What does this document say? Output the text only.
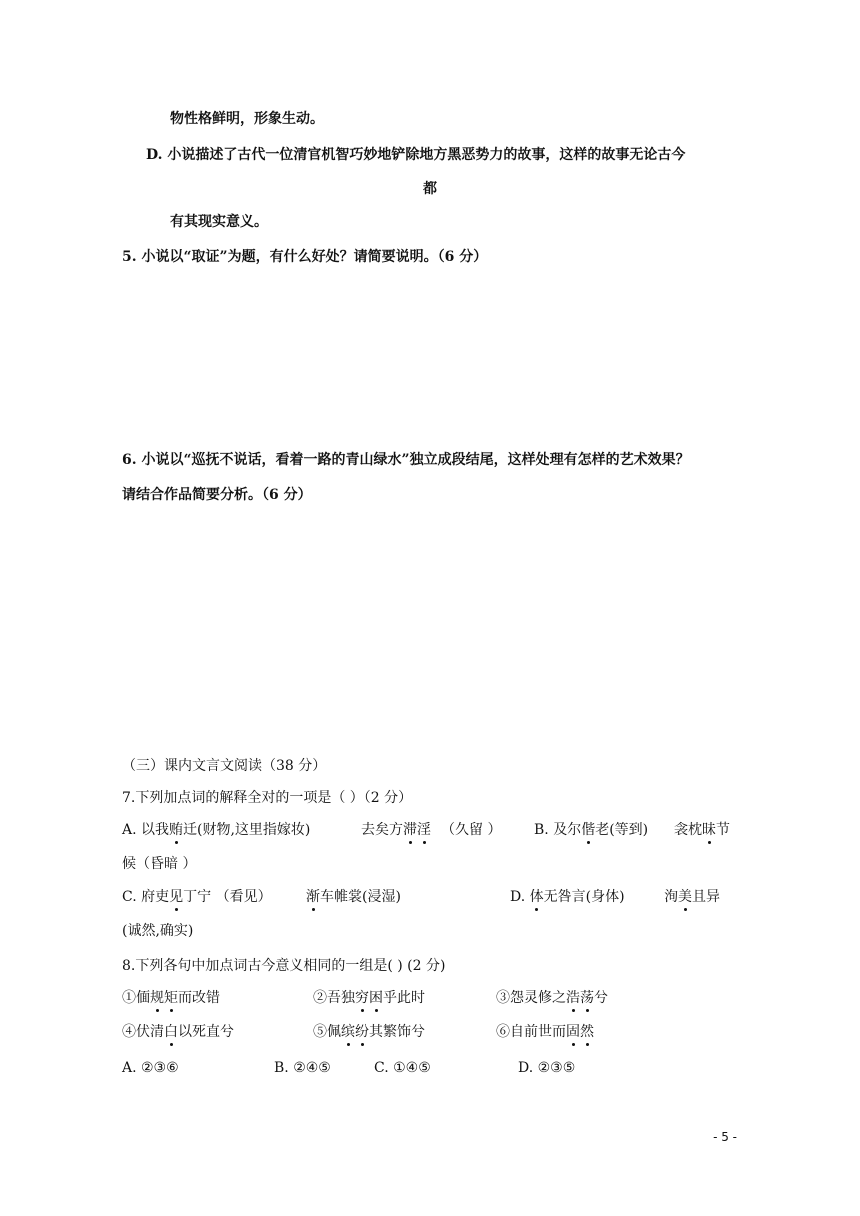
物性格鲜明，形象生动。
D. 小说描述了古代一位清官机智巧妙地铲除地方黑恶势力的故事，这样的故事无论古今
都
有其现实意义。
5. 小说以“取证”为题，有什么好处？请简要说明。（6 分）
6. 小说以“巡抚不说话，看着一路的青山绿水”独立成段结尾，这样处理有怎样的艺术效果？
请结合作品简要分析。（6 分）
（三）课内文言文阅读（38 分）
7.下列加点词的解释全对的一项是（ ）（2 分）
A. 以我贿迁(财物,这里指嫁妆)	去矣方滞淫 （久留 ） B. 及尔偕老(等到) 衾枕昧节
候（昏暗 ）
C. 府吏见丁宁 （看见） 渐车帷裳(浸湿)	D. 体无咎言(身体)	洵美且异
(诚然,确实)
8.下列各句中加点词古今意义相同的一组是( ) (2 分)
①偭规矩而改错	②吾独穷困乎此时	③怨灵修之浩荡兮
④伏清白以死直兮	⑤佩缤纷其繁饰兮	⑥自前世而固然
A. ②③⑥	B. ②④⑤	C. ①④⑤	D. ②③⑤
- 5 -
